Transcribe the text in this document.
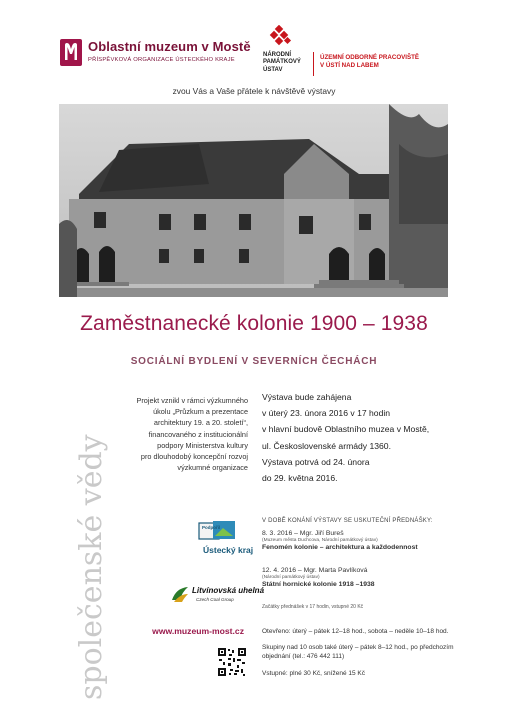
Oblastní muzeum v Mostě
PŘÍSPĚVKOVÁ ORGANIZACE ÚSTECKÉHO KRAJE
NÁRODNÍ
PAMÁTKOVÝ
ÚSTAV
ÚZEMNÍ ODBORNÉ PRACOVIŠTĚ
V ÚSTÍ NAD LABEM
zvou Vás a Vaše přátele k návštěvě výstavy
Zaměstnanecké kolonie 1900 – 1938
SOCIÁLNÍ BYDLENÍ V SEVERNÍCH ČECHÁCH
společenské vědy
Projekt vznikl v rámci výzkumného
úkolu „Průzkum a prezentace
architektury 19. a 20. století“,
financovaného z institucionální
podpory Ministerstva kultury
pro dlouhodobý koncepční rozvoj
výzkumné organizace
Výstava bude zahájena
v úterý 23. února 2016 v 17 hodin
v hlavní budově Oblastního muzea v Mostě,
ul. Československé armády 1360.
Výstava potrvá od 24. února
do 29. května 2016.
V DOBĚ KONÁNÍ VÝSTAVY SE USKUTEČNÍ PŘEDNÁŠKY:
8. 3. 2016 – Mgr. Jiří Bureš
(Muzeum města Duchcova, Národní památkový ústav)
Fenomén kolonie – architektura a každodennost
12. 4. 2016 – Mgr. Marta Pavlíková
(Národní památkový ústav)
Státní hornické kolonie 1918 –1938
Začátky přednášek v 17 hodin, vstupné 20 Kč
Podpořil
Ústecký kraj
Litvínovská uhelná
Czech Coal Group
www.muzeum-most.cz	Otevřeno: úterý – pátek 12–18 hod., sobota – neděle 10–18 hod.
Skupiny nad 10 osob také úterý – pátek 8–12 hod., po předchozím
objednání (tel.: 476 442 111)
Vstupné: plné 30 Kč, snížené 15 Kč
